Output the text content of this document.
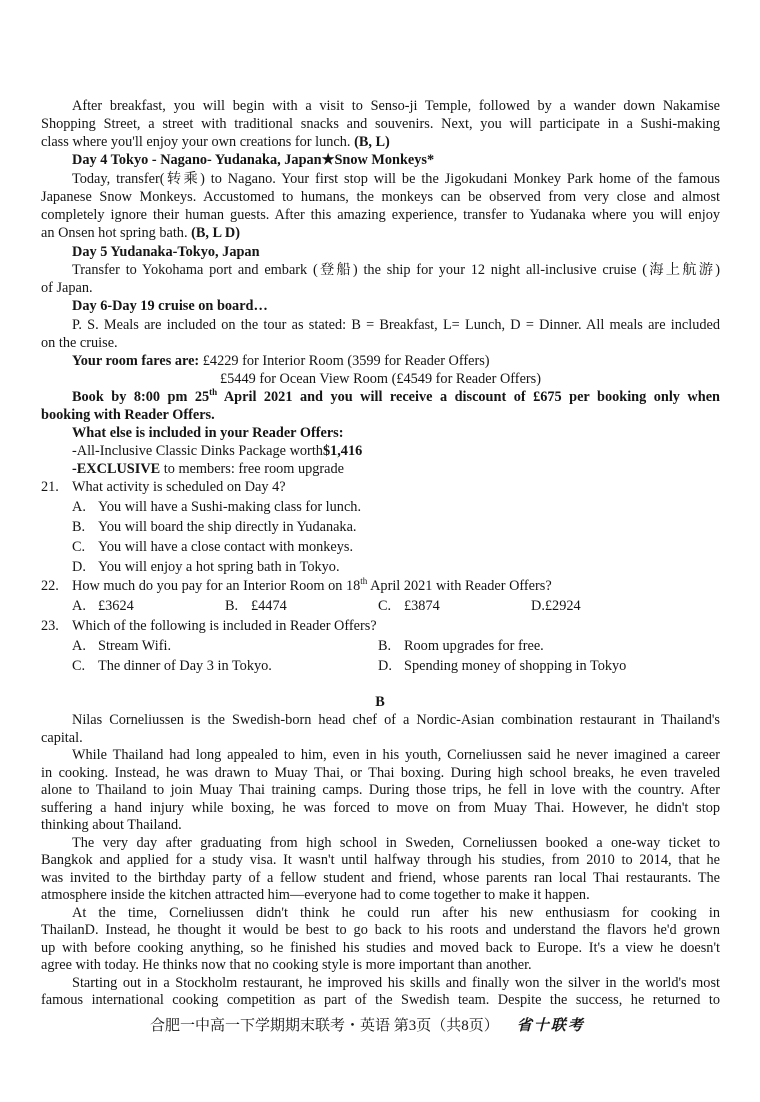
After breakfast, you will begin with a visit to Senso-ji Temple, followed by a wander down Nakamise
Shopping Street, a street with traditional snacks and souvenirs. Next, you will participate in a Sushi-making
class where you'll enjoy your own creations for lunch. (B, L)
Day 4 Tokyo - Nagano- Yudanaka, Japan★Snow Monkeys*
Today, transfer(转乘) to Nagano. Your first stop will be the Jigokudani Monkey Park home of the famous
Japanese Snow Monkeys. Accustomed to humans, the monkeys can be observed from very close and almost
completely ignore their human guests. After this amazing experience, transfer to Yudanaka where you will enjoy
an Onsen hot spring bath. (B, L D)
Day 5 Yudanaka-Tokyo, Japan
Transfer to Yokohama port and embark (登船) the ship for your 12 night all-inclusive cruise (海上航游)
of Japan.
Day 6-Day 19 cruise on board…
P. S. Meals are included on the tour as stated: B = Breakfast, L= Lunch, D = Dinner. All meals are included
on the cruise.
Your room fares are: £4229 for Interior Room (3599 for Reader Offers)
£5449 for Ocean View Room (£4549 for Reader Offers)
Book by 8:00 pm 25th April 2021 and you will receive a discount of £675 per booking only when
booking with Reader Offers.
What else is included in your Reader Offers:
-All-Inclusive Classic Dinks Package worth$1,416
-EXCLUSIVE to members: free room upgrade
21. What activity is scheduled on Day 4?
A. You will have a Sushi-making class for lunch.
B. You will board the ship directly in Yudanaka.
C. You will have a close contact with monkeys.
D. You will enjoy a hot spring bath in Tokyo.
22. How much do you pay for an Interior Room on 18th April 2021 with Reader Offers?
A. £3624	B. £4474	C. £3874	D.£2924
23. Which of the following is included in Reader Offers?
A. Stream Wifi.	B. Room upgrades for free.
C. The dinner of Day 3 in Tokyo.	D. Spending money of shopping in Tokyo
B
Nilas Corneliussen is the Swedish-born head chef of a Nordic-Asian combination restaurant in Thailand's
capital.
While Thailand had long appealed to him, even in his youth, Corneliussen said he never imagined a career
in cooking. Instead, he was drawn to Muay Thai, or Thai boxing. During high school breaks, he even traveled
alone to Thailand to join Muay Thai training camps. During those trips, he fell in love with the country. After
suffering a hand injury while boxing, he was forced to move on from Muay Thai. However, he didn't stop
thinking about Thailand.
The very day after graduating from high school in Sweden, Corneliussen booked a one-way ticket to
Bangkok and applied for a study visa. It wasn't until halfway through his studies, from 2010 to 2014, that he
was invited to the birthday party of a fellow student and friend, whose parents ran local Thai restaurants. The
atmosphere inside the kitchen attracted him—everyone had to come together to make it happen.
At the time, Corneliussen didn't think he could run after his new enthusiasm for cooking in
ThailanD. Instead, he thought it would be best to go back to his roots and understand the flavors he'd grown
up with before cooking anything, so he finished his studies and moved back to Europe. It's a view he doesn't
agree with today. He thinks now that no cooking style is more important than another.
Starting out in a Stockholm restaurant, he improved his skills and finally won the silver in the world's most
famous international cooking competition as part of the Swedish team. Despite the success, he returned to
合肥一中高一下学期期末联考・英语 第3页（共8页） 省十联考
